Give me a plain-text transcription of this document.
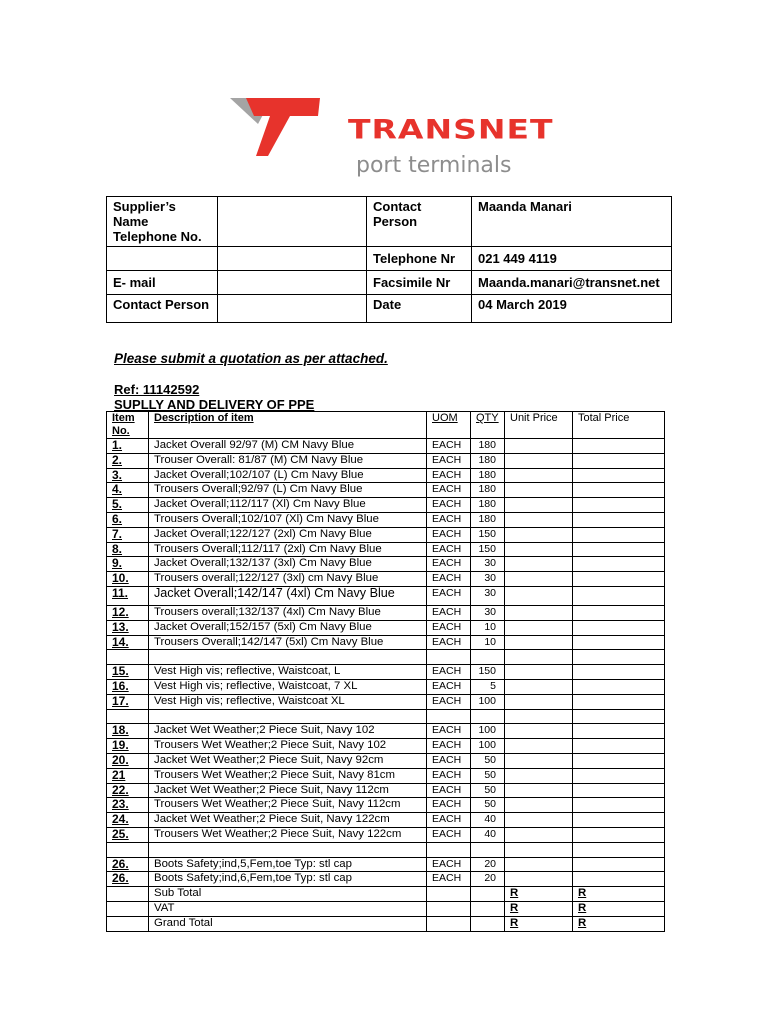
TRANSNET
port terminals
Supplier’s Name
Telephone No.		Contact Person	Maanda Manari
		Telephone Nr	021 449 4119
E- mail		Facsimile Nr	Maanda.manari@transnet.net
Contact Person		Date	04 March 2019
Please submit a quotation as per attached.
Ref: 11142592
SUPLLY AND DELIVERY OF PPE
Item No.	Description of item	UOM	QTY	Unit Price	Total Price
1.	Jacket Overall 92/97 (M) CM Navy Blue	EACH	180		
2.	Trouser Overall: 81/87 (M) CM Navy Blue	EACH	180		
3.	Jacket Overall;102/107 (L) Cm Navy Blue	EACH	180		
4.	Trousers Overall;92/97 (L) Cm Navy Blue	EACH	180		
5.	Jacket Overall;112/117 (Xl) Cm Navy Blue	EACH	180		
6.	Trousers Overall;102/107 (Xl) Cm Navy Blue	EACH	180		
7.	Jacket Overall;122/127 (2xl) Cm Navy Blue	EACH	150		
8.	Trousers Overall;112/117 (2xl) Cm Navy Blue	EACH	150		
9.	Jacket Overall;132/137 (3xl) Cm Navy Blue	EACH	30		
10.	Trousers overall;122/127 (3xl) cm Navy Blue	EACH	30		
11.	Jacket Overall;142/147 (4xl) Cm Navy Blue	EACH	30		
12.	Trousers overall;132/137 (4xl) Cm Navy Blue	EACH	30		
13.	Jacket Overall;152/157 (5xl) Cm Navy Blue	EACH	10		
14.	Trousers Overall;142/147 (5xl) Cm Navy Blue	EACH	10		

15.	Vest High vis; reflective, Waistcoat, L	EACH	150		
16.	Vest High vis; reflective, Waistcoat, 7 XL	EACH	5		
17.	Vest High vis; reflective, Waistcoat XL	EACH	100		

18.	Jacket Wet Weather;2 Piece Suit, Navy 102	EACH	100		
19.	Trousers Wet Weather;2 Piece Suit, Navy 102	EACH	100		
20.	Jacket Wet Weather;2 Piece Suit, Navy 92cm	EACH	50		
21	Trousers Wet Weather;2 Piece Suit, Navy 81cm	EACH	50		
22.	Jacket Wet Weather;2 Piece Suit, Navy 112cm	EACH	50		
23.	Trousers Wet Weather;2 Piece Suit, Navy 112cm	EACH	50		
24.	Jacket Wet Weather;2 Piece Suit, Navy 122cm	EACH	40		
25.	Trousers Wet Weather;2 Piece Suit, Navy 122cm	EACH	40		

26.	Boots Safety;ind,5,Fem,toe Typ: stl cap	EACH	20		
26.	Boots Safety;ind,6,Fem,toe Typ: stl cap	EACH	20		
	Sub Total			R	R
	VAT			R	R
	Grand Total			R	R
